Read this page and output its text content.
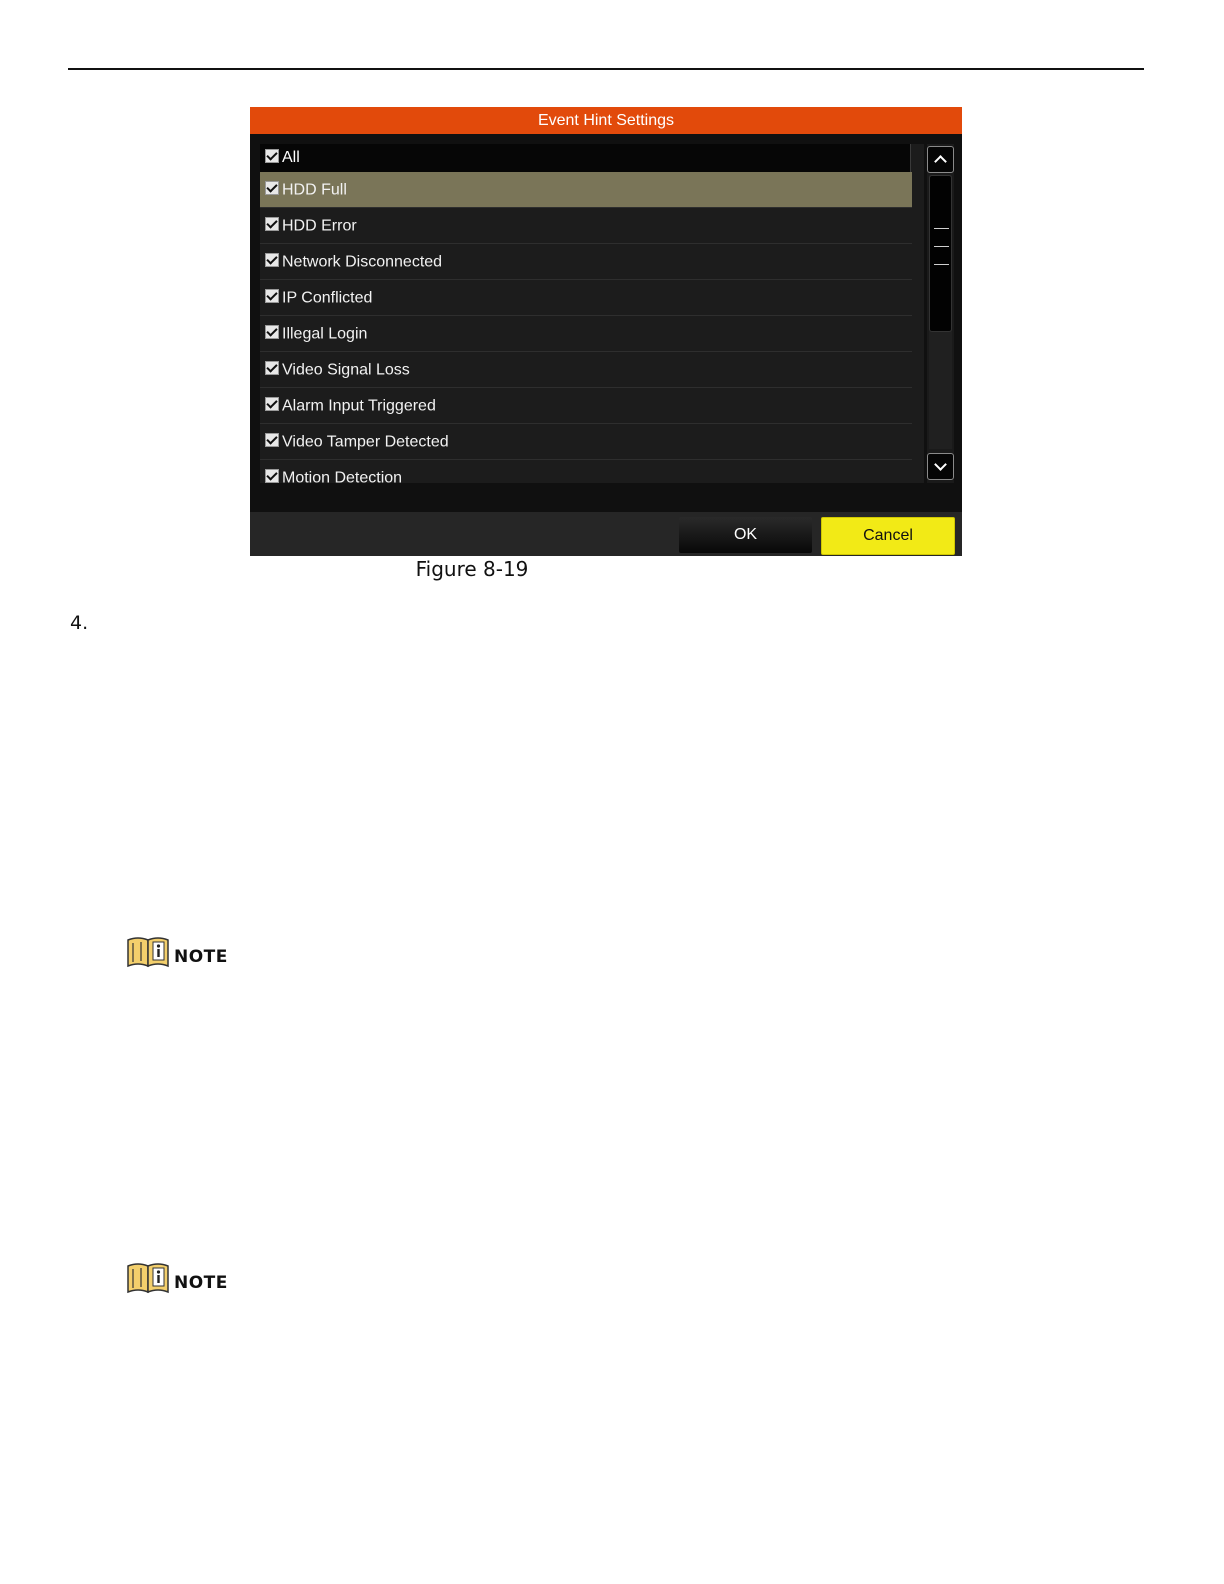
Event Hint Settings
All
HDD Full
HDD Error
Network Disconnected
IP Conflicted
Illegal Login
Video Signal Loss
Alarm Input Triggered
Video Tamper Detected
Motion Detection
OK	Cancel
Figure 8-19
4.
NOTE
NOTE
